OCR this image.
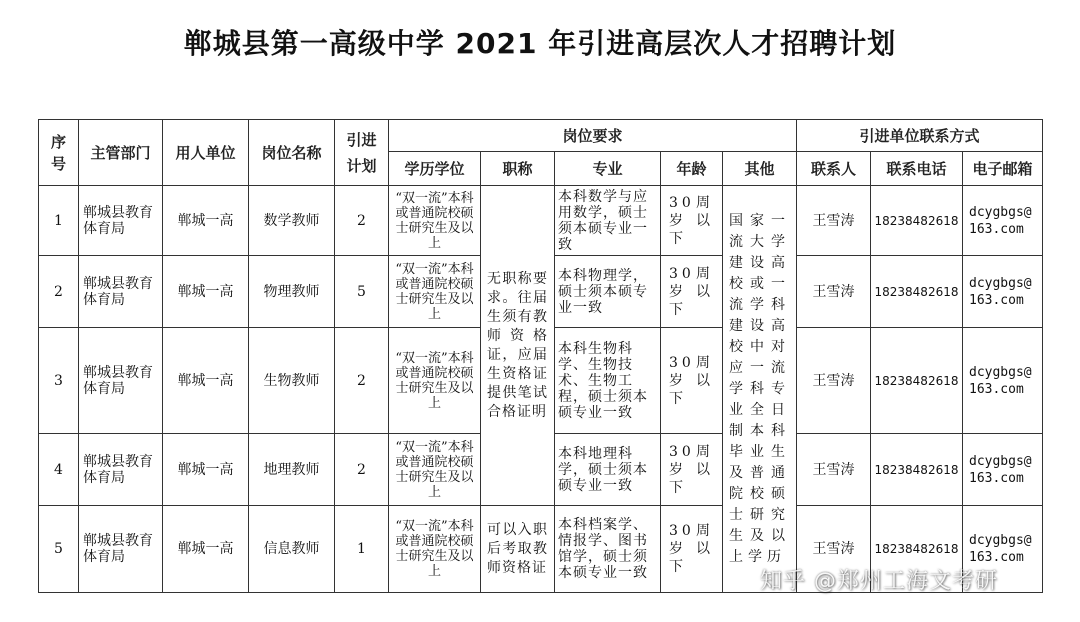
郸城县第一高级中学 2021 年引进高层次人才招聘计划
序号	主管部门	用人单位	岗位名称	引进计划	岗位要求					引进单位联系方式		
					学历学位	职称	专业	年龄	其他	联系人	联系电话	电子邮箱
1	郸城县教育体育局	郸城一高	数学教师	2	“双一流”本科或普通院校硕士研究生及以上	无职称要求。往届生须有教师资格证，应届生资格证提供笔试合格证明	本科数学与应用数学，硕士须本硕专业一致	30周岁以下	国家一流大学建设高校或一流学科建设高校中对应一流学科专业全日制本科毕业生及普通院校硕士研究生及以上学历	王雪涛	18238482618	dcygbgs@163.com
2	郸城县教育体育局	郸城一高	物理教师	5	“双一流”本科或普通院校硕士研究生及以上		本科物理学，硕士须本硕专业一致	30周岁以下		王雪涛	18238482618	dcygbgs@163.com
3	郸城县教育体育局	郸城一高	生物教师	2	“双一流”本科或普通院校硕士研究生及以上		本科生物科学、生物技术、生物工程，硕士须本硕专业一致	30周岁以下		王雪涛	18238482618	dcygbgs@163.com
4	郸城县教育体育局	郸城一高	地理教师	2	“双一流”本科或普通院校硕士研究生及以上		本科地理科学，硕士须本硕专业一致	30周岁以下		王雪涛	18238482618	dcygbgs@163.com
5	郸城县教育体育局	郸城一高	信息教师	1	“双一流”本科或普通院校硕士研究生及以上	可以入职后考取教师资格证	本科档案学、情报学、图书馆学，硕士须本硕专业一致	30周岁以下		王雪涛	18238482618	dcygbgs@163.com
知乎 @郑州工海文考研
